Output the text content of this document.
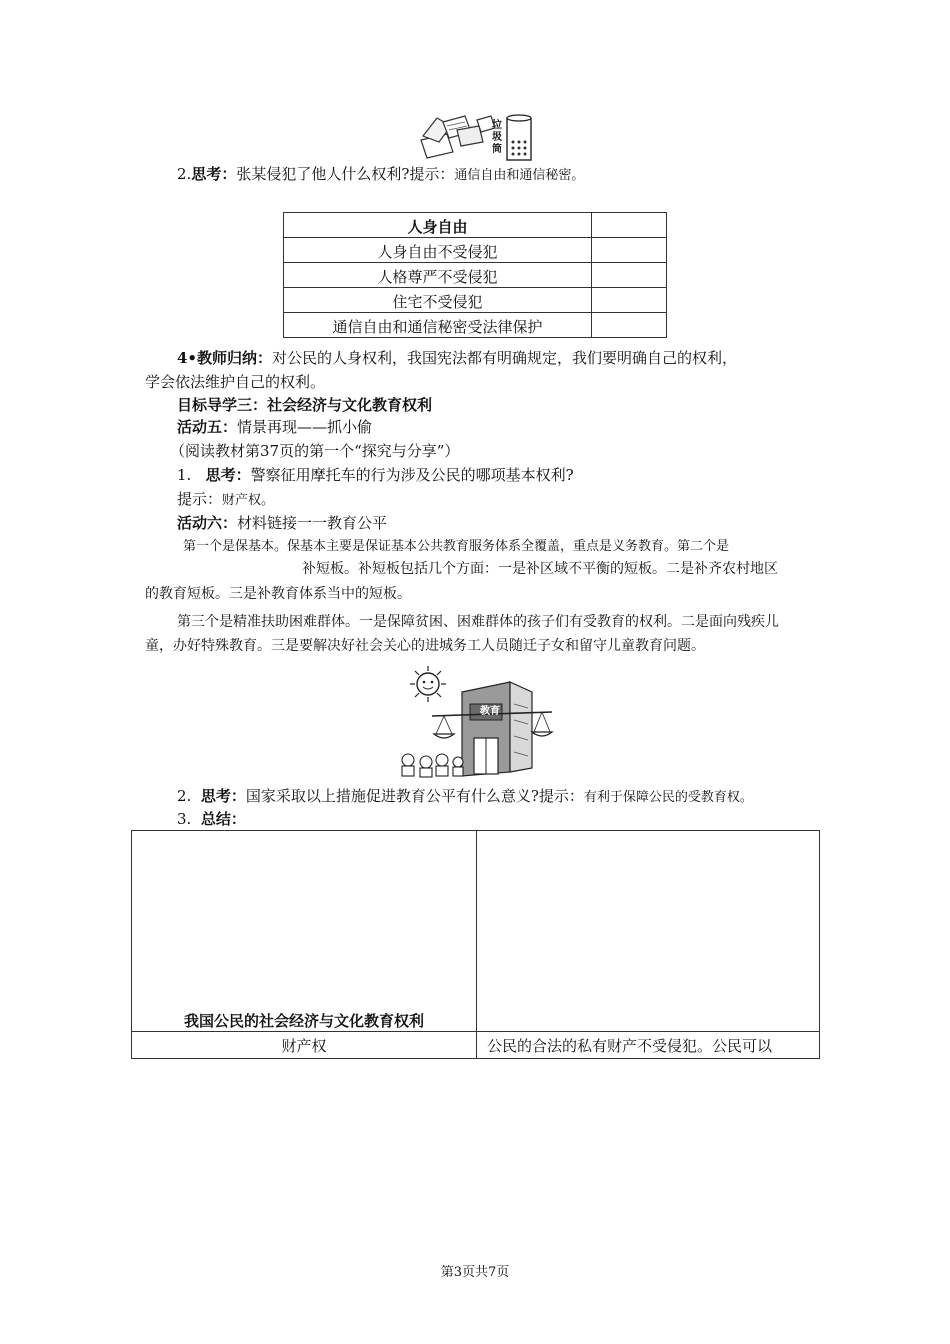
垃圾筒
2.思考：张某侵犯了他人什么权利?提示：通信自由和通信秘密。
人身自由	
人身自由不受侵犯	
人格尊严不受侵犯	
住宅不受侵犯	
通信自由和通信秘密受法律保护	
4•教师归纳：对公民的人身权利，我国宪法都有明确规定，我们要明确自己的权利，
学会依法维护自己的权利。
目标导学三：社会经济与文化教育权利
活动五：情景再现——抓小偷
（阅读教材第37页的第一个“探究与分享”）
1. 思考：警察征用摩托车的行为涉及公民的哪项基本权利?
提示：财产权。
活动六：材料链接一一教育公平
第一个是保基本。保基本主要是保证基本公共教育服务体系全覆盖，重点是义务教育。第二个是
补短板。补短板包括几个方面：一是补区域不平衡的短板。二是补齐农村地区
的教育短板。三是补教育体系当中的短板。
第三个是精准扶助困难群体。一是保障贫困、困难群体的孩子们有受教育的权利。二是面向残疾儿
童，办好特殊教育。三是要解决好社会关心的进城务工人员随迁子女和留守儿童教育问题。
教育
2. 思考：国家采取以上措施促进教育公平有什么意义?提示：有利于保障公民的受教育权。
3. 总结：
我国公民的社会经济与文化教育权利	
财产权	公民的合法的私有财产不受侵犯。公民可以
第3页共7页
